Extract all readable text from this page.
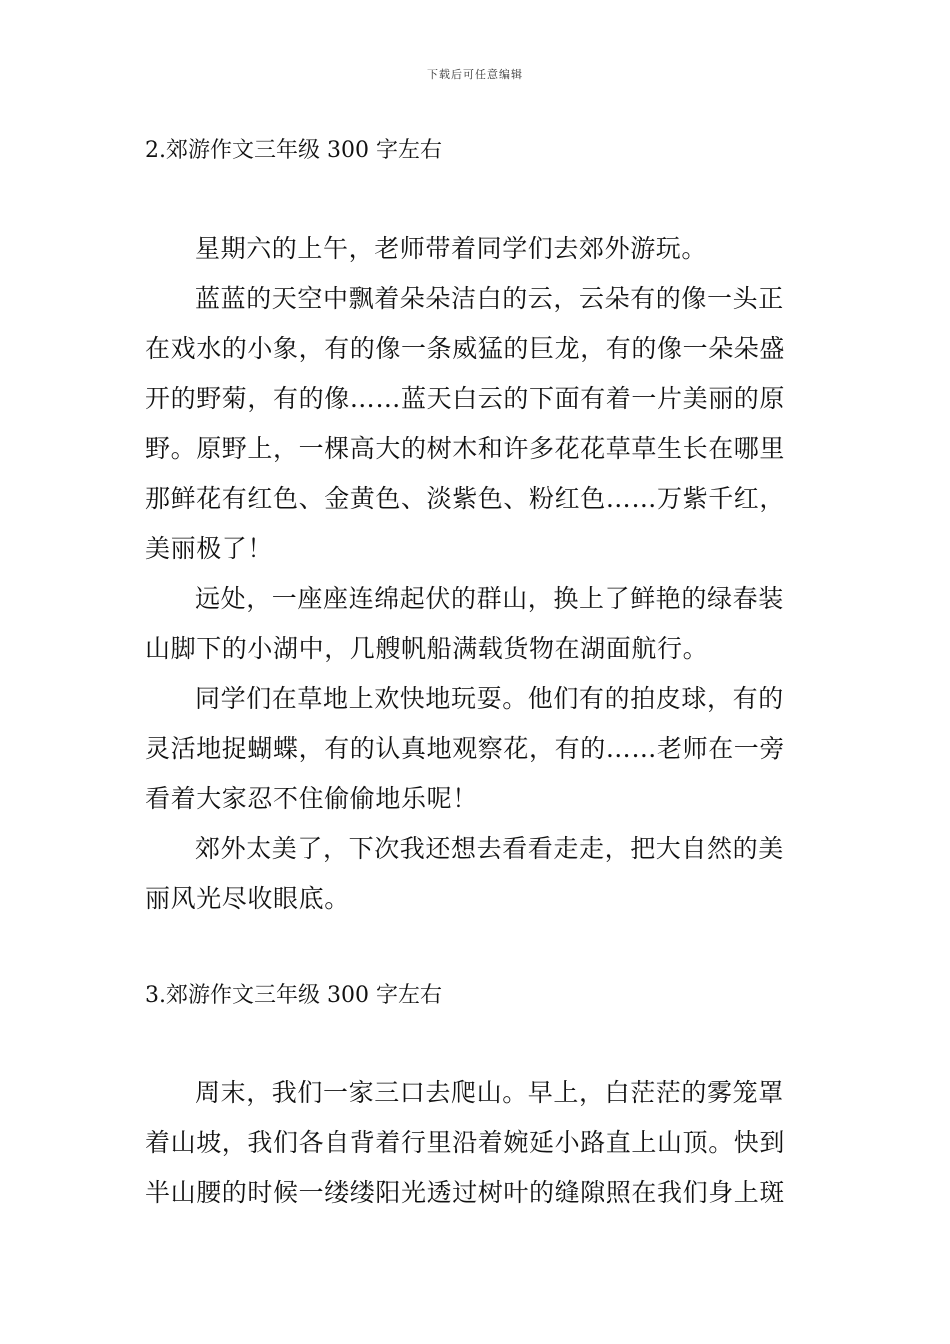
下载后可任意编辑
2.郊游作文三年级 300 字左右
星期六的上午，老师带着同学们去郊外游玩。
蓝蓝的天空中飘着朵朵洁白的云，云朵有的像一头正
在戏水的小象，有的像一条威猛的巨龙，有的像一朵朵盛
开的野菊，有的像……蓝天白云的下面有着一片美丽的原
野。原野上，一棵高大的树木和许多花花草草生长在哪里
那鲜花有红色、金黄色、淡紫色、粉红色……万紫千红，
美丽极了！
远处，一座座连绵起伏的群山，换上了鲜艳的绿春装
山脚下的小湖中，几艘帆船满载货物在湖面航行。
同学们在草地上欢快地玩耍。他们有的拍皮球，有的
灵活地捉蝴蝶，有的认真地观察花，有的……老师在一旁
看着大家忍不住偷偷地乐呢！
郊外太美了，下次我还想去看看走走，把大自然的美
丽风光尽收眼底。
3.郊游作文三年级 300 字左右
周末，我们一家三口去爬山。早上，白茫茫的雾笼罩
着山坡，我们各自背着行里沿着婉延小路直上山顶。快到
半山腰的时候一缕缕阳光透过树叶的缝隙照在我们身上斑
